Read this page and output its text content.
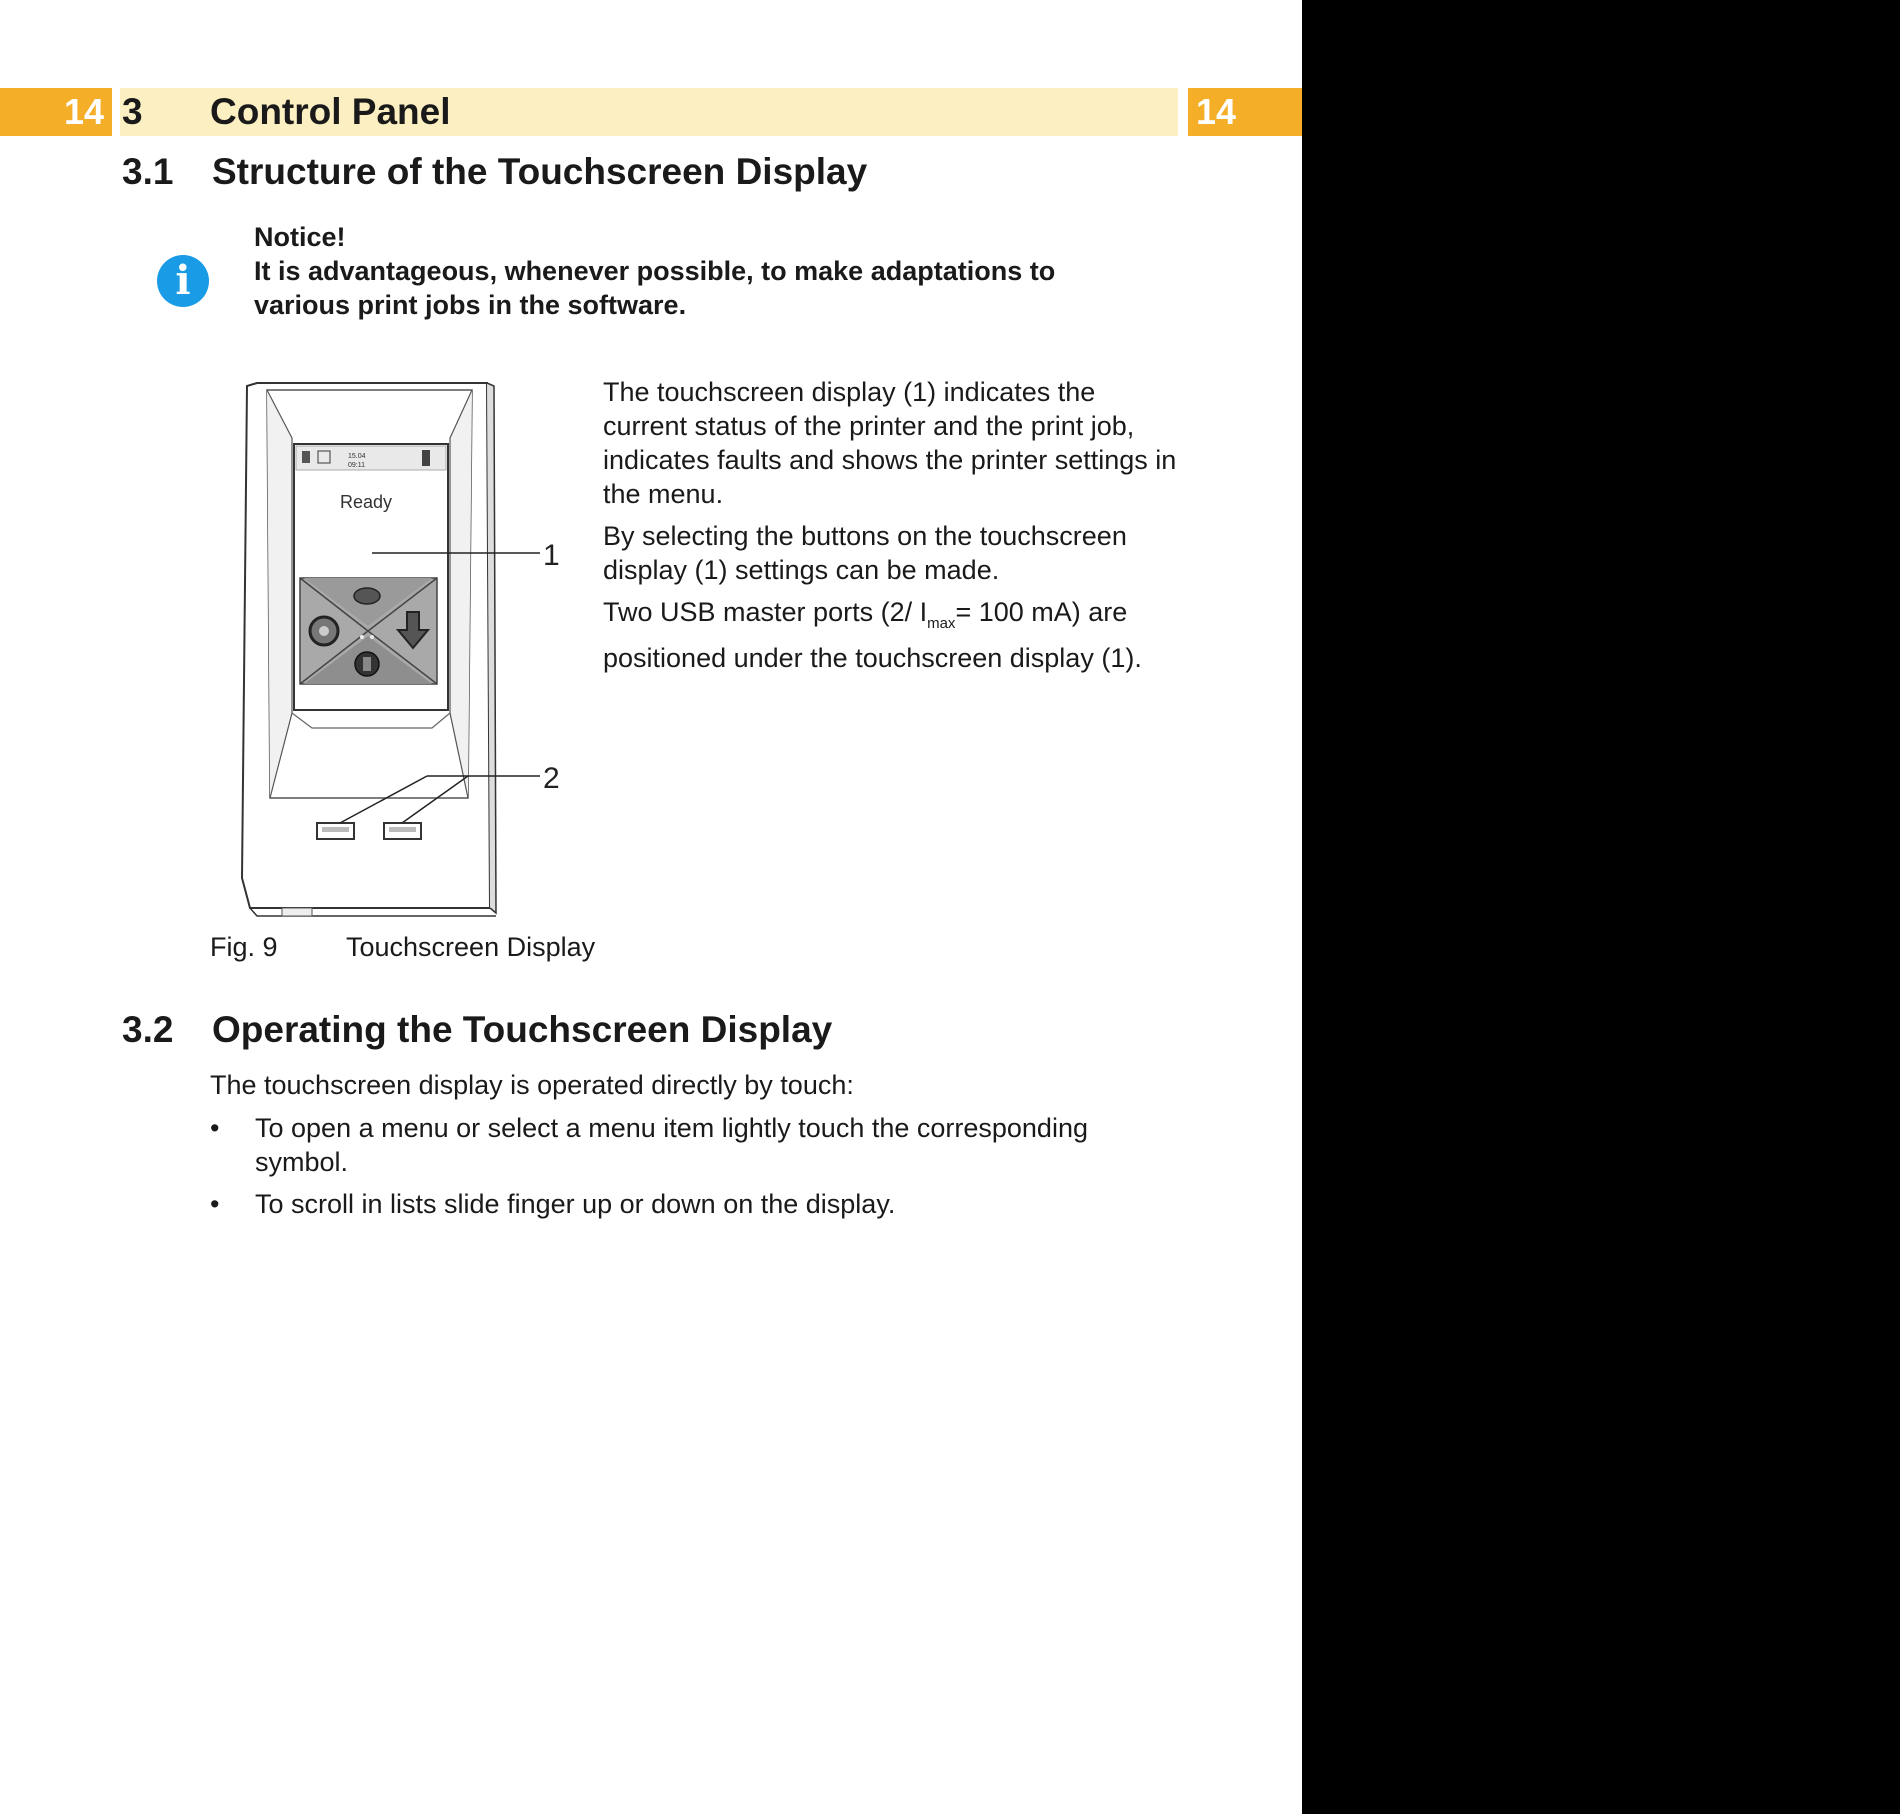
14 3 Control Panel	14
3.1 Structure of the Touchscreen Display
i

Notice!

It is advantageous, whenever possible, to make adaptations to various print jobs in the software.

15.04
09:11
Ready
1
2
Fig. 9	Touchscreen Display

The touchscreen display (1) indicates the current status of the printer and the print job, indicates faults and shows the printer settings in the menu.

By selecting the buttons on the touchscreen display (1) settings can be made.

Two USB master ports (2/ $I_{max}= 100$ mA) are positioned under the touchscreen display (1).

3.2 Operating the Touchscreen Display
The touchscreen display is operated directly by touch:
• To open a menu or select a menu item lightly touch the corresponding symbol.
• To scroll in lists slide finger up or down on the display.
